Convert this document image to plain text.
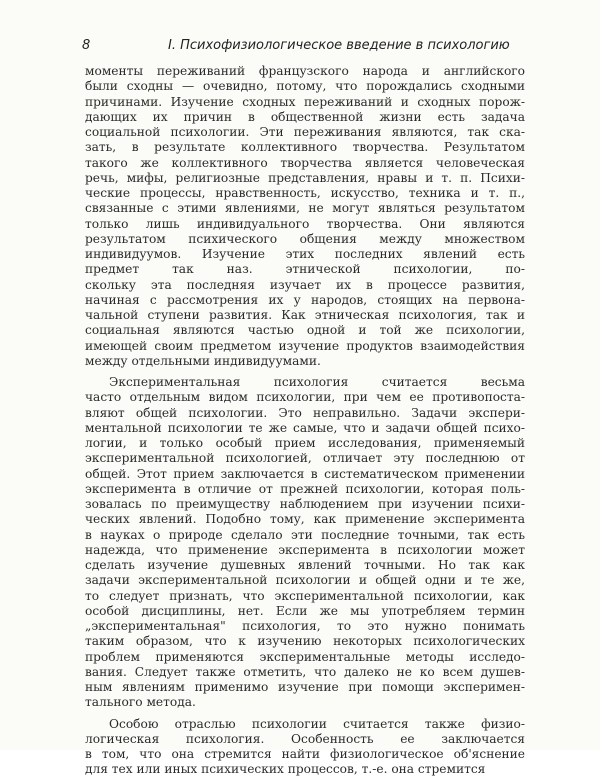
8	I. Психофизиологическое введение в психологию
моменты переживаний французского народа и английского
были сходны — очевидно, потому, что порождались сходными
причинами. Изучение сходных переживаний и сходных порож-
дающих их причин в общественной жизни есть задача
социальной психологии. Эти переживания являются, так ска-
зать, в результате коллективного творчества. Результатом
такого же коллективного творчества является человеческая
речь, мифы, религиозные представления, нравы и т. п. Психи-
ческие процессы, нравственность, искусство, техника и т. п.,
связанные с этими явлениями, не могут являться результатом
только лишь индивидуального творчества. Они являются
результатом психического общения между множеством
индивидуумов. Изучение этих последних явлений есть
предмет так наз. этнической психологии, по-
скольку эта последняя изучает их в процессе развития,
начиная с рассмотрения их у народов, стоящих на первона-
чальной ступени развития. Как этническая психология, так и
социальная являются частью одной и той же психологии,
имеющей своим предметом изучение продуктов взаимодействия
между отдельными индивидуумами.
Экспериментальная психология считается весьма
часто отдельным видом психологии, при чем ее противопоста-
вляют общей психологии. Это неправильно. Задачи экспери-
ментальной психологии те же самые, что и задачи общей психо-
логии, и только особый прием исследования, применяемый
экспериментальной психологией, отличает эту последнюю от
общей. Этот прием заключается в систематическом применении
эксперимента в отличие от прежней психологии, которая поль-
зовалась по преимуществу наблюдением при изучении психи-
ческих явлений. Подобно тому, как применение эксперимента
в науках о природе сделало эти последние точными, так есть
надежда, что применение эксперимента в психологии может
сделать изучение душевных явлений точными. Но так как
задачи экспериментальной психологии и общей одни и те же,
то следует признать, что экспериментальной психологии, как
особой дисциплины, нет. Если же мы употребляем термин
„экспериментальная" психология, то это нужно понимать
таким образом, что к изучению некоторых психологических
проблем применяются экспериментальные методы исследо-
вания. Следует также отметить, что далеко не ко всем душев-
ным явлениям применимо изучение при помощи эксперимен-
тального метода.
Особою отраслью психологии считается также физио-
логическая психология. Особенность ее заключается
в том, что она стремится найти физиологическое об'яснение
для тех или иных психических процессов, т.-е. она стремится
